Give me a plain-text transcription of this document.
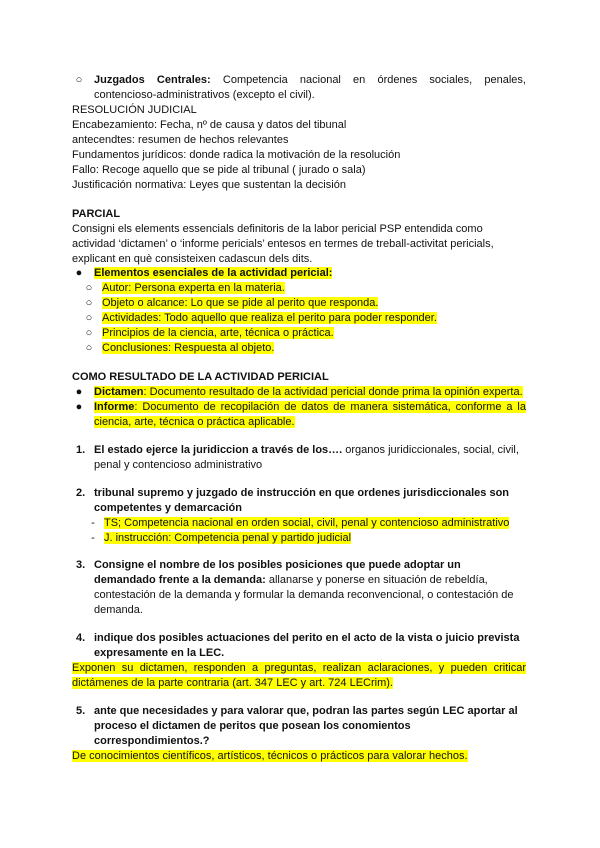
○ Juzgados Centrales: Competencia nacional en órdenes sociales, penales,
contencioso-administrativos (excepto el civil).
RESOLUCIÓN JUDICIAL
Encabezamiento: Fecha, nº de causa y datos del tibunal
antecendtes: resumen de hechos relevantes
Fundamentos jurídicos: donde radica la motivación de la resolución
Fallo: Recoge aquello que se pide al tribunal ( jurado o sala)
Justificación normativa: Leyes que sustentan la decisión
PARCIAL
Consigni els elements essencials definitoris de la labor pericial PSP entendida como
actividad ‘dictamen’ o ‘informe pericials’ entesos en termes de treball-activitat pericials,
explicant en què consisteixen cadascun dels dits.
● Elementos esenciales de la actividad pericial:
○ Autor: Persona experta en la materia.
○ Objeto o alcance: Lo que se pide al perito que responda.
○ Actividades: Todo aquello que realiza el perito para poder responder.
○ Principios de la ciencia, arte, técnica o práctica.
○ Conclusiones: Respuesta al objeto.
COMO RESULTADO DE LA ACTIVIDAD PERICIAL
● Dictamen: Documento resultado de la actividad pericial donde prima la opinión experta.
● Informe: Documento de recopilación de datos de manera sistemática, conforme a la
ciencia, arte, técnica o práctica aplicable.
1. El estado ejerce la juridiccion a través de los…. organos juridiccionales, social, civil,
penal y contencioso administrativo
2. tribunal supremo y juzgado de instrucción en que ordenes jurisdiccionales son
competentes y demarcación
- TS; Competencia nacional en orden social, civil, penal y contencioso administrativo
- J. instrucción: Competencia penal y partido judicial
3. Consigne el nombre de los posibles posiciones que puede adoptar un
demandado frente a la demanda: allanarse y ponerse en situación de rebeldía,
contestación de la demanda y formular la demanda reconvencional, o contestación de
demanda.
4. indique dos posibles actuaciones del perito en el acto de la vista o juicio prevista
expresamente en la LEC.
Exponen su dictamen, responden a preguntas, realizan aclaraciones, y pueden criticar
dictámenes de la parte contraria (art. 347 LEC y art. 724 LECrim).
5. ante que necesidades y para valorar que, podran las partes según LEC aportar al
proceso el dictamen de peritos que posean los conomientos
correspondimientos.?
De conocimientos científicos, artísticos, técnicos o prácticos para valorar hechos.
